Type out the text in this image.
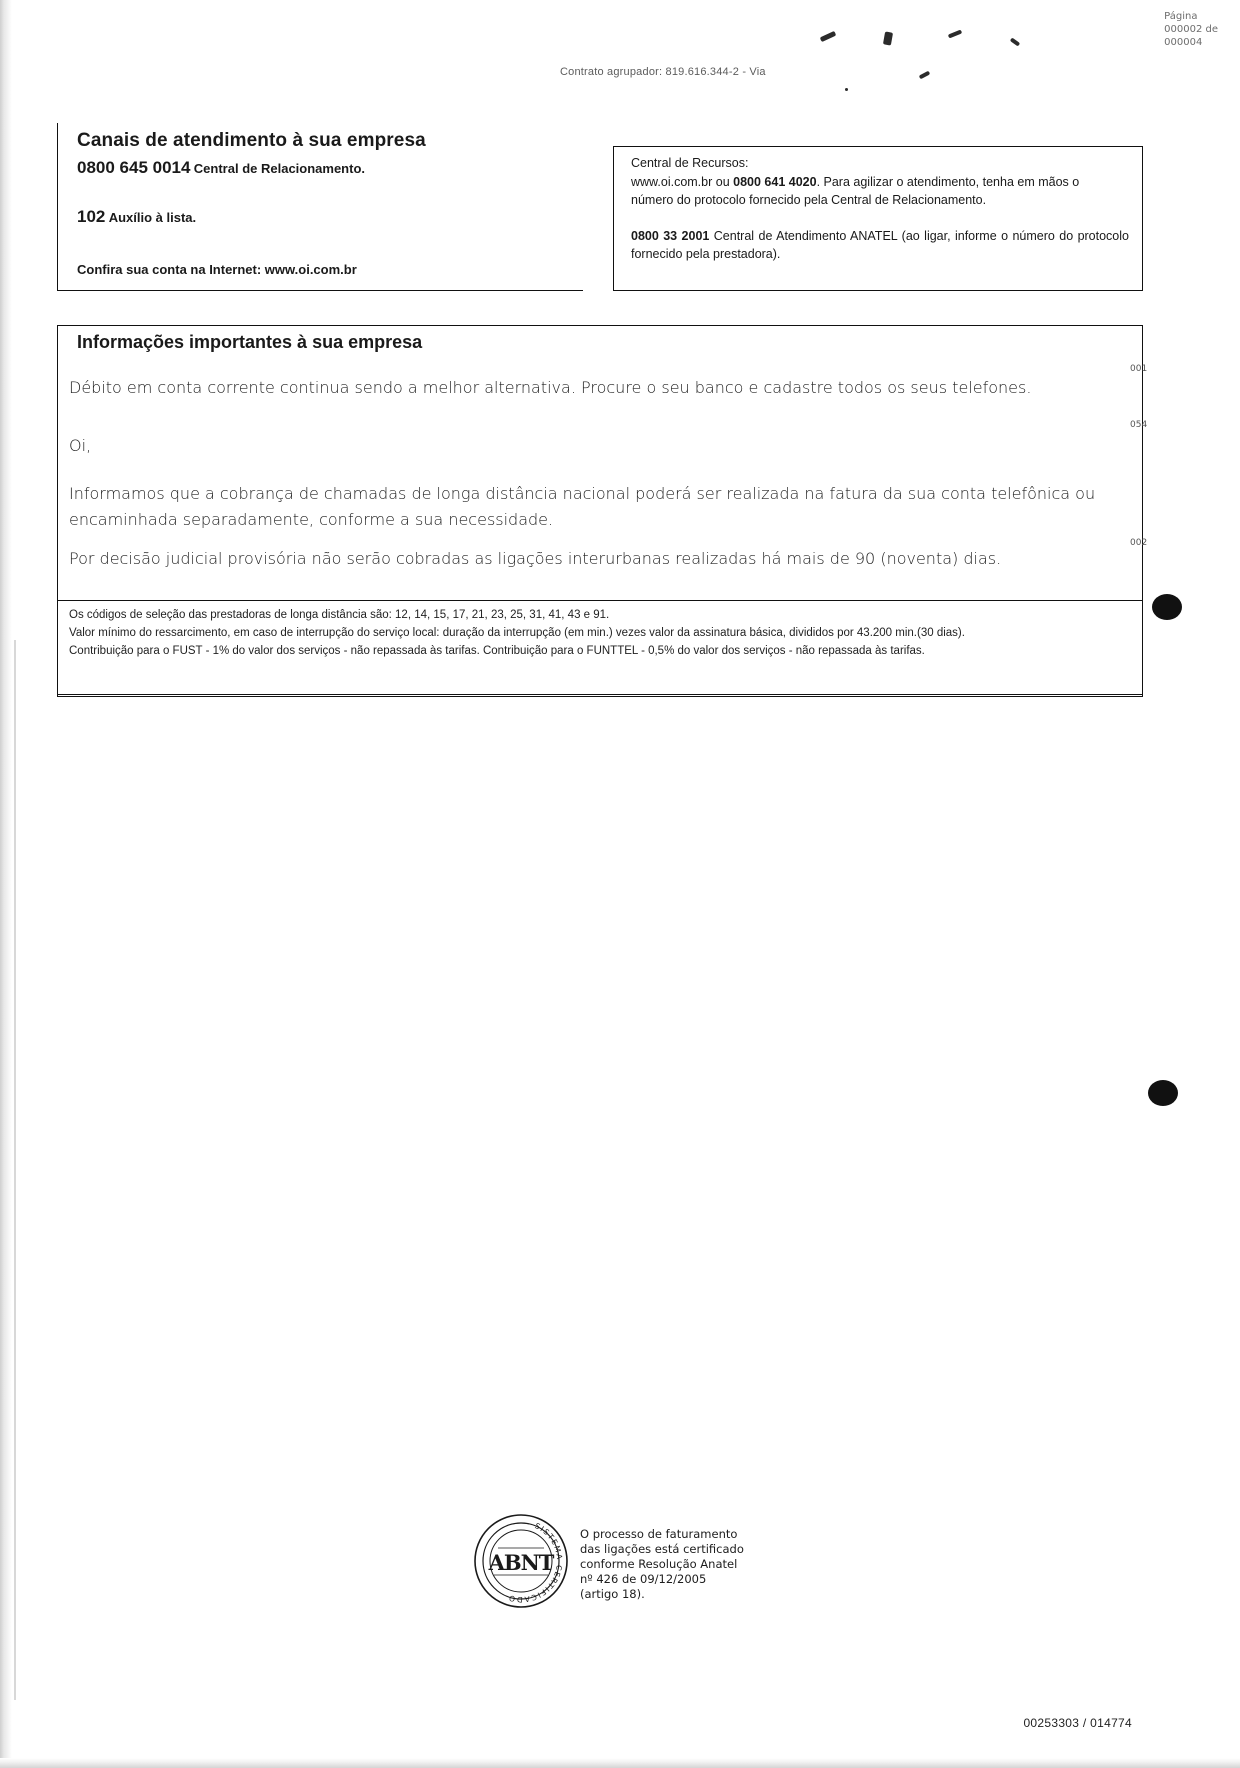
Página
000002 de
000004
Contrato agrupador: 819.616.344-2 - Via
Canais de atendimento à sua empresa
0800 645 0014 Central de Relacionamento.
102 Auxílio à lista.
Confira sua conta na Internet: www.oi.com.br
Central de Recursos:
www.oi.com.br ou 0800 641 4020. Para agilizar o atendimento, tenha em mãos o número do protocolo fornecido pela Central de Relacionamento.
0800 33 2001 Central de Atendimento ANATEL (ao ligar, informe o número do protocolo fornecido pela prestadora).
Informações importantes à sua empresa
Débito em conta corrente continua sendo a melhor alternativa. Procure o seu banco e cadastre todos os seus telefones.
001
Oi,
054
Informamos que a cobrança de chamadas de longa distância nacional poderá ser realizada na fatura da sua conta telefônica ou encaminhada separadamente, conforme a sua necessidade.
Por decisão judicial provisória não serão cobradas as ligações interurbanas realizadas há mais de 90 (noventa) dias.
002

Os códigos de seleção das prestadoras de longa distância são: 12, 14, 15, 17, 21, 23, 25, 31, 41, 43 e 91.

Valor mínimo do ressarcimento, em caso de interrupção do serviço local: duração da interrupção (em min.) vezes valor da assinatura básica, divididos por 43.200 min.(30 dias).

Contribuição para o FUST - 1% do valor dos serviços - não repassada às tarifas. Contribuição para o FUNTTEL - 0,5% do valor dos serviços - não repassada às tarifas.

SISTEMA CERTIFICADO
ABNT
O processo de faturamento
das ligações está certificado
conforme Resolução Anatel
nº 426 de 09/12/2005
(artigo 18).
00253303 / 014774
